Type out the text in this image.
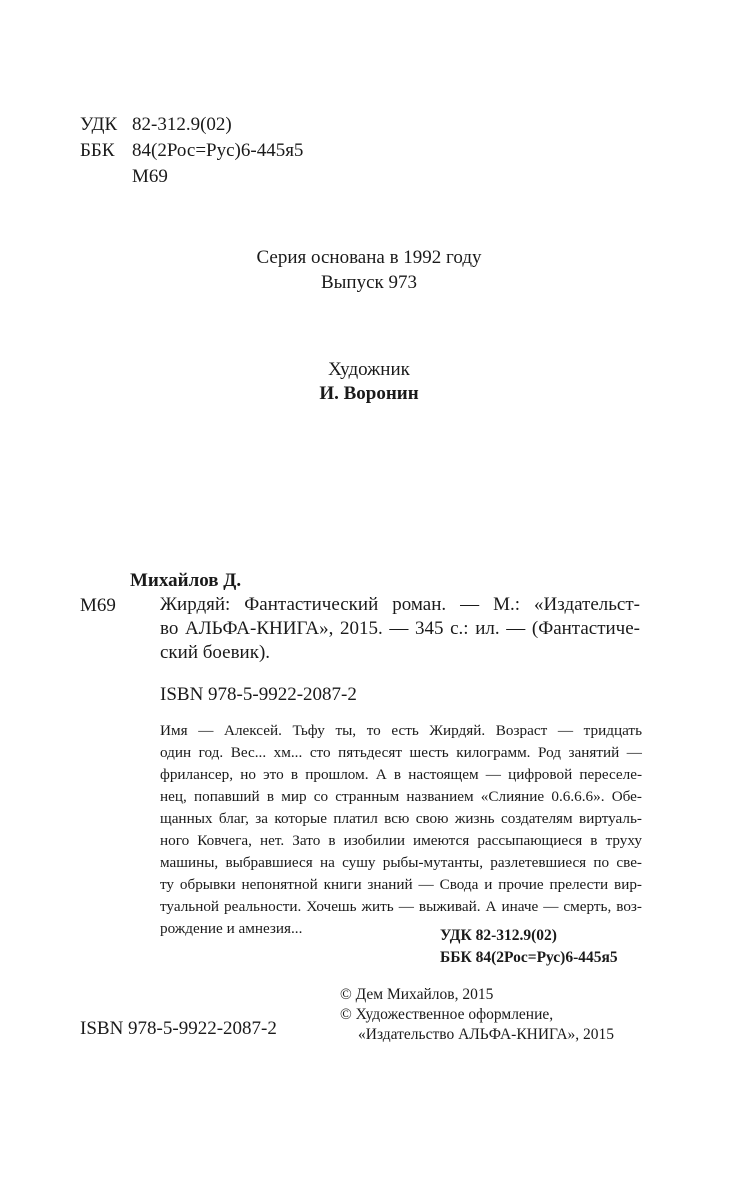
УДК 82-312.9(02)
ББК 84(2Рос=Рус)6-445я5
М69
Серия основана в 1992 году
Выпуск 973
Художник
И. Воронин
Михайлов Д.
М69 Жирдяй: Фантастический роман. — М.: «Издательст-
во АЛЬФА-КНИГА», 2015. — 345 с.: ил. — (Фантастиче-
ский боевик).
ISBN 978-5-9922-2087-2
Имя — Алексей. Тьфу ты, то есть Жирдяй. Возраст — тридцать
один год. Вес... хм... сто пятьдесят шесть килограмм. Род занятий —
фрилансер, но это в прошлом. А в настоящем — цифровой переселе-
нец, попавший в мир со странным названием «Слияние 0.6.6.6». Обе-
щанных благ, за которые платил всю свою жизнь создателям виртуаль-
ного Ковчега, нет. Зато в изобилии имеются рассыпающиеся в труху
машины, выбравшиеся на сушу рыбы-мутанты, разлетевшиеся по све-
ту обрывки непонятной книги знаний — Свода и прочие прелести вир-
туальной реальности. Хочешь жить — выживай. А иначе — смерть, воз-
рождение и амнезия...	УДК 82-312.9(02)
ББК 84(2Рос=Рус)6-445я5
© Дем Михайлов, 2015
© Художественное оформление,
«Издательство АЛЬФА-КНИГА», 2015
ISBN 978-5-9922-2087-2
